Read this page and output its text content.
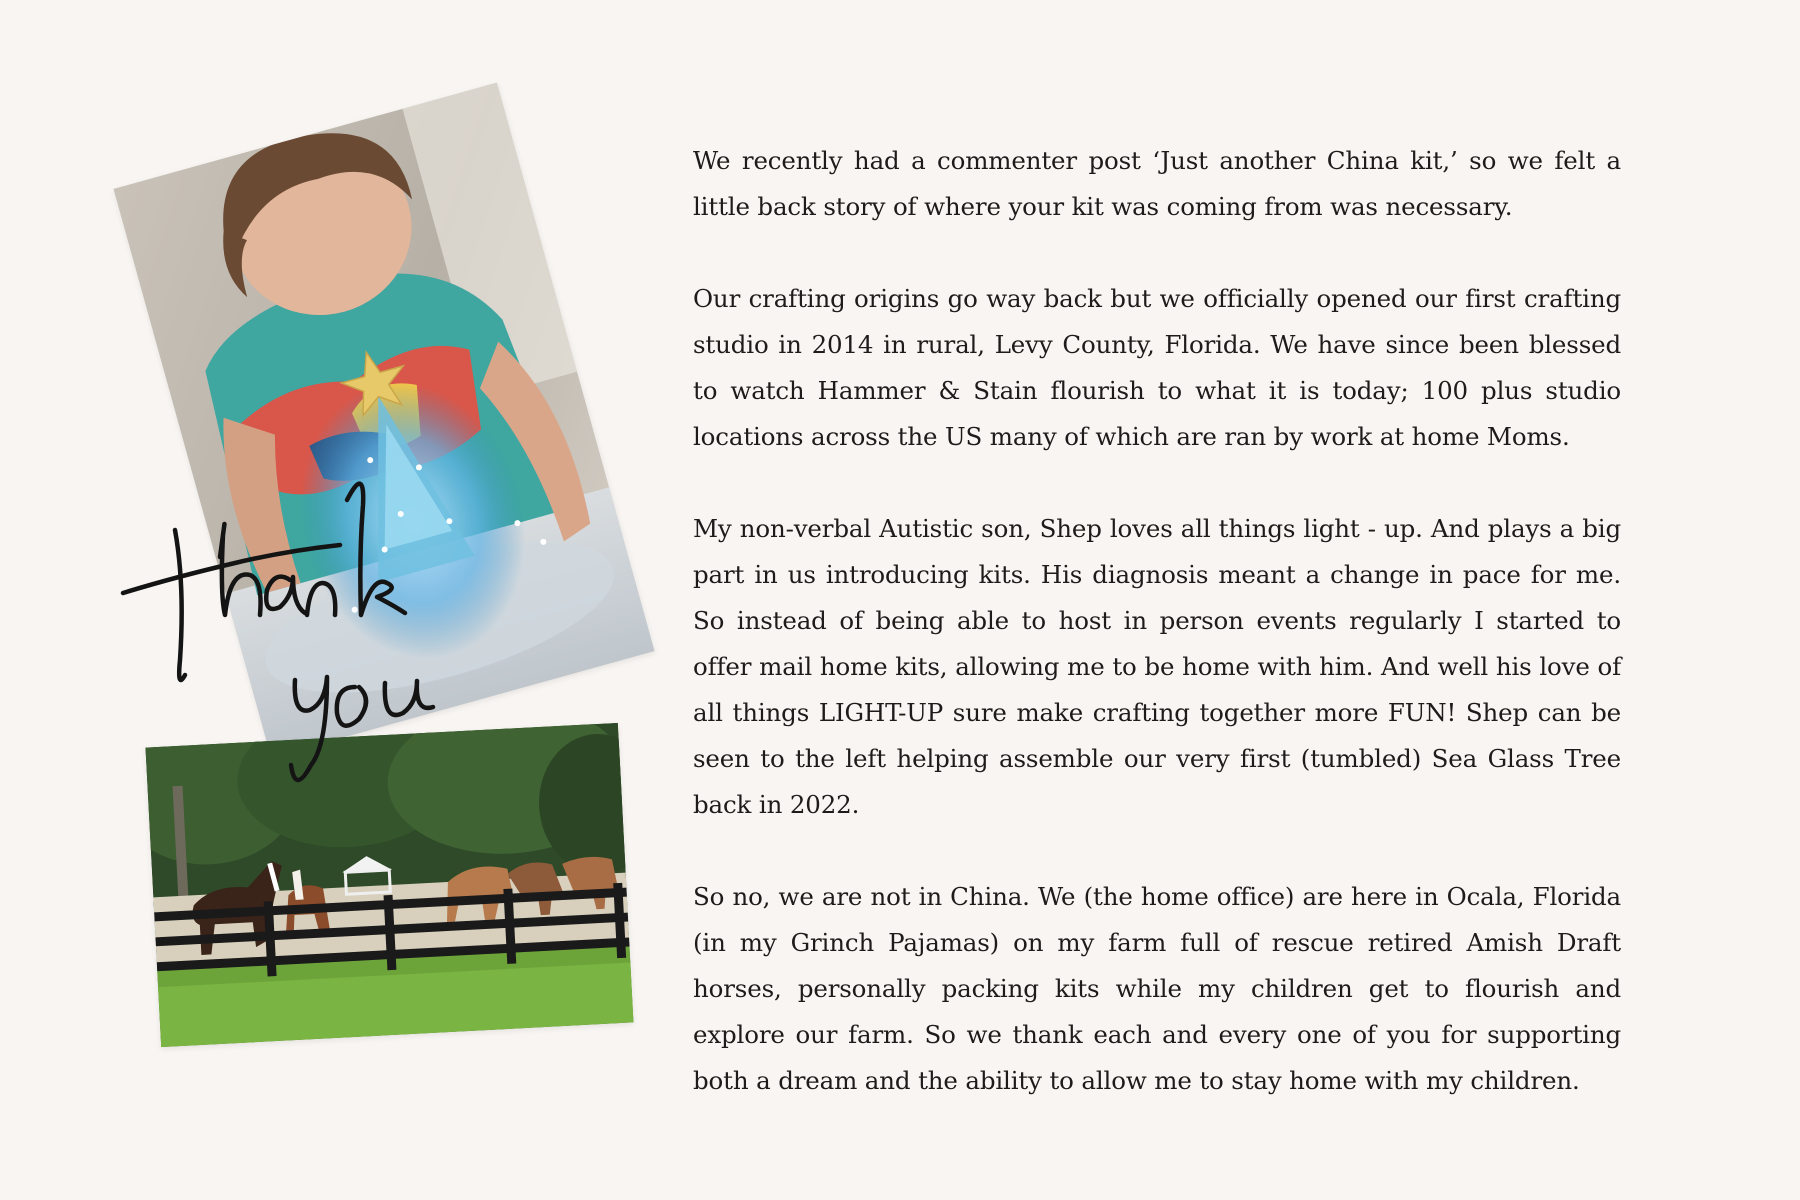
We recently had a commenter post ‘Just another China kit,’ so we felt a little back story of where your kit was coming from was necessary.

Our crafting origins go way back but we officially opened our first crafting studio in 2014 in rural, Levy County, Florida. We have since been blessed to watch Hammer & Stain flourish to what it is today; 100 plus studio locations across the US many of which are ran by work at home Moms.

My non-verbal Autistic son, Shep loves all things light - up. And plays a big part in us introducing kits. His diagnosis meant a change in pace for me. So instead of being able to host in person events regularly I started to offer mail home kits, allowing me to be home with him. And well his love of all things LIGHT-UP sure make crafting together more FUN! Shep can be seen to the left helping assemble our very first (tumbled) Sea Glass Tree back in 2022.

So no, we are not in China. We (the home office) are here in Ocala, Florida (in my Grinch Pajamas) on my farm full of rescue retired Amish Draft horses, personally packing kits while my children get to flourish and explore our farm. So we thank each and every one of you for supporting both a dream and the ability to allow me to stay home with my children.
